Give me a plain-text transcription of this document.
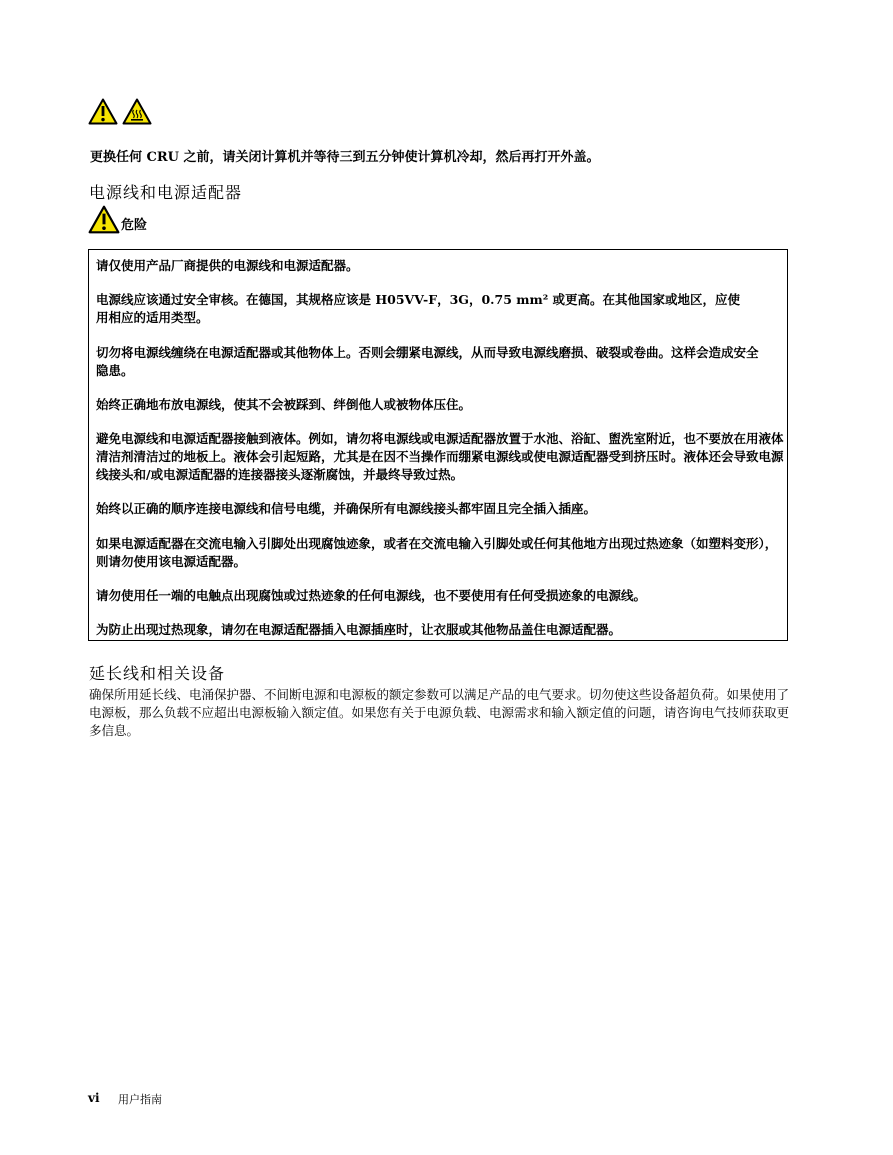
更换任何 CRU 之前，请关闭计算机并等待三到五分钟使计算机冷却，然后再打开外盖。
电源线和电源适配器
危险
请仅使用产品厂商提供的电源线和电源适配器。
电源线应该通过安全审核。在德国，其规格应该是 H05VV-F，3G，0.75 mm² 或更高。在其他国家或地区，应使用相应的适用类型。
切勿将电源线缠绕在电源适配器或其他物体上。否则会绷紧电源线，从而导致电源线磨损、破裂或卷曲。这样会造成安全隐患。
始终正确地布放电源线，使其不会被踩到、绊倒他人或被物体压住。
避免电源线和电源适配器接触到液体。例如，请勿将电源线或电源适配器放置于水池、浴缸、盥洗室附近，也不要放在用液体清洁剂清洁过的地板上。液体会引起短路，尤其是在因不当操作而绷紧电源线或使电源适配器受到挤压时。液体还会导致电源线接头和/或电源适配器的连接器接头逐渐腐蚀，并最终导致过热。
始终以正确的顺序连接电源线和信号电缆，并确保所有电源线接头都牢固且完全插入插座。
如果电源适配器在交流电输入引脚处出现腐蚀迹象，或者在交流电输入引脚处或任何其他地方出现过热迹象（如塑料变形），则请勿使用该电源适配器。
请勿使用任一端的电触点出现腐蚀或过热迹象的任何电源线，也不要使用有任何受损迹象的电源线。
为防止出现过热现象，请勿在电源适配器插入电源插座时，让衣服或其他物品盖住电源适配器。
延长线和相关设备
确保所用延长线、电涌保护器、不间断电源和电源板的额定参数可以满足产品的电气要求。切勿使这些设备超负荷。如果使用了电源板，那么负载不应超出电源板输入额定值。如果您有关于电源负载、电源需求和输入额定值的问题，请咨询电气技师获取更多信息。
vi 用户指南
